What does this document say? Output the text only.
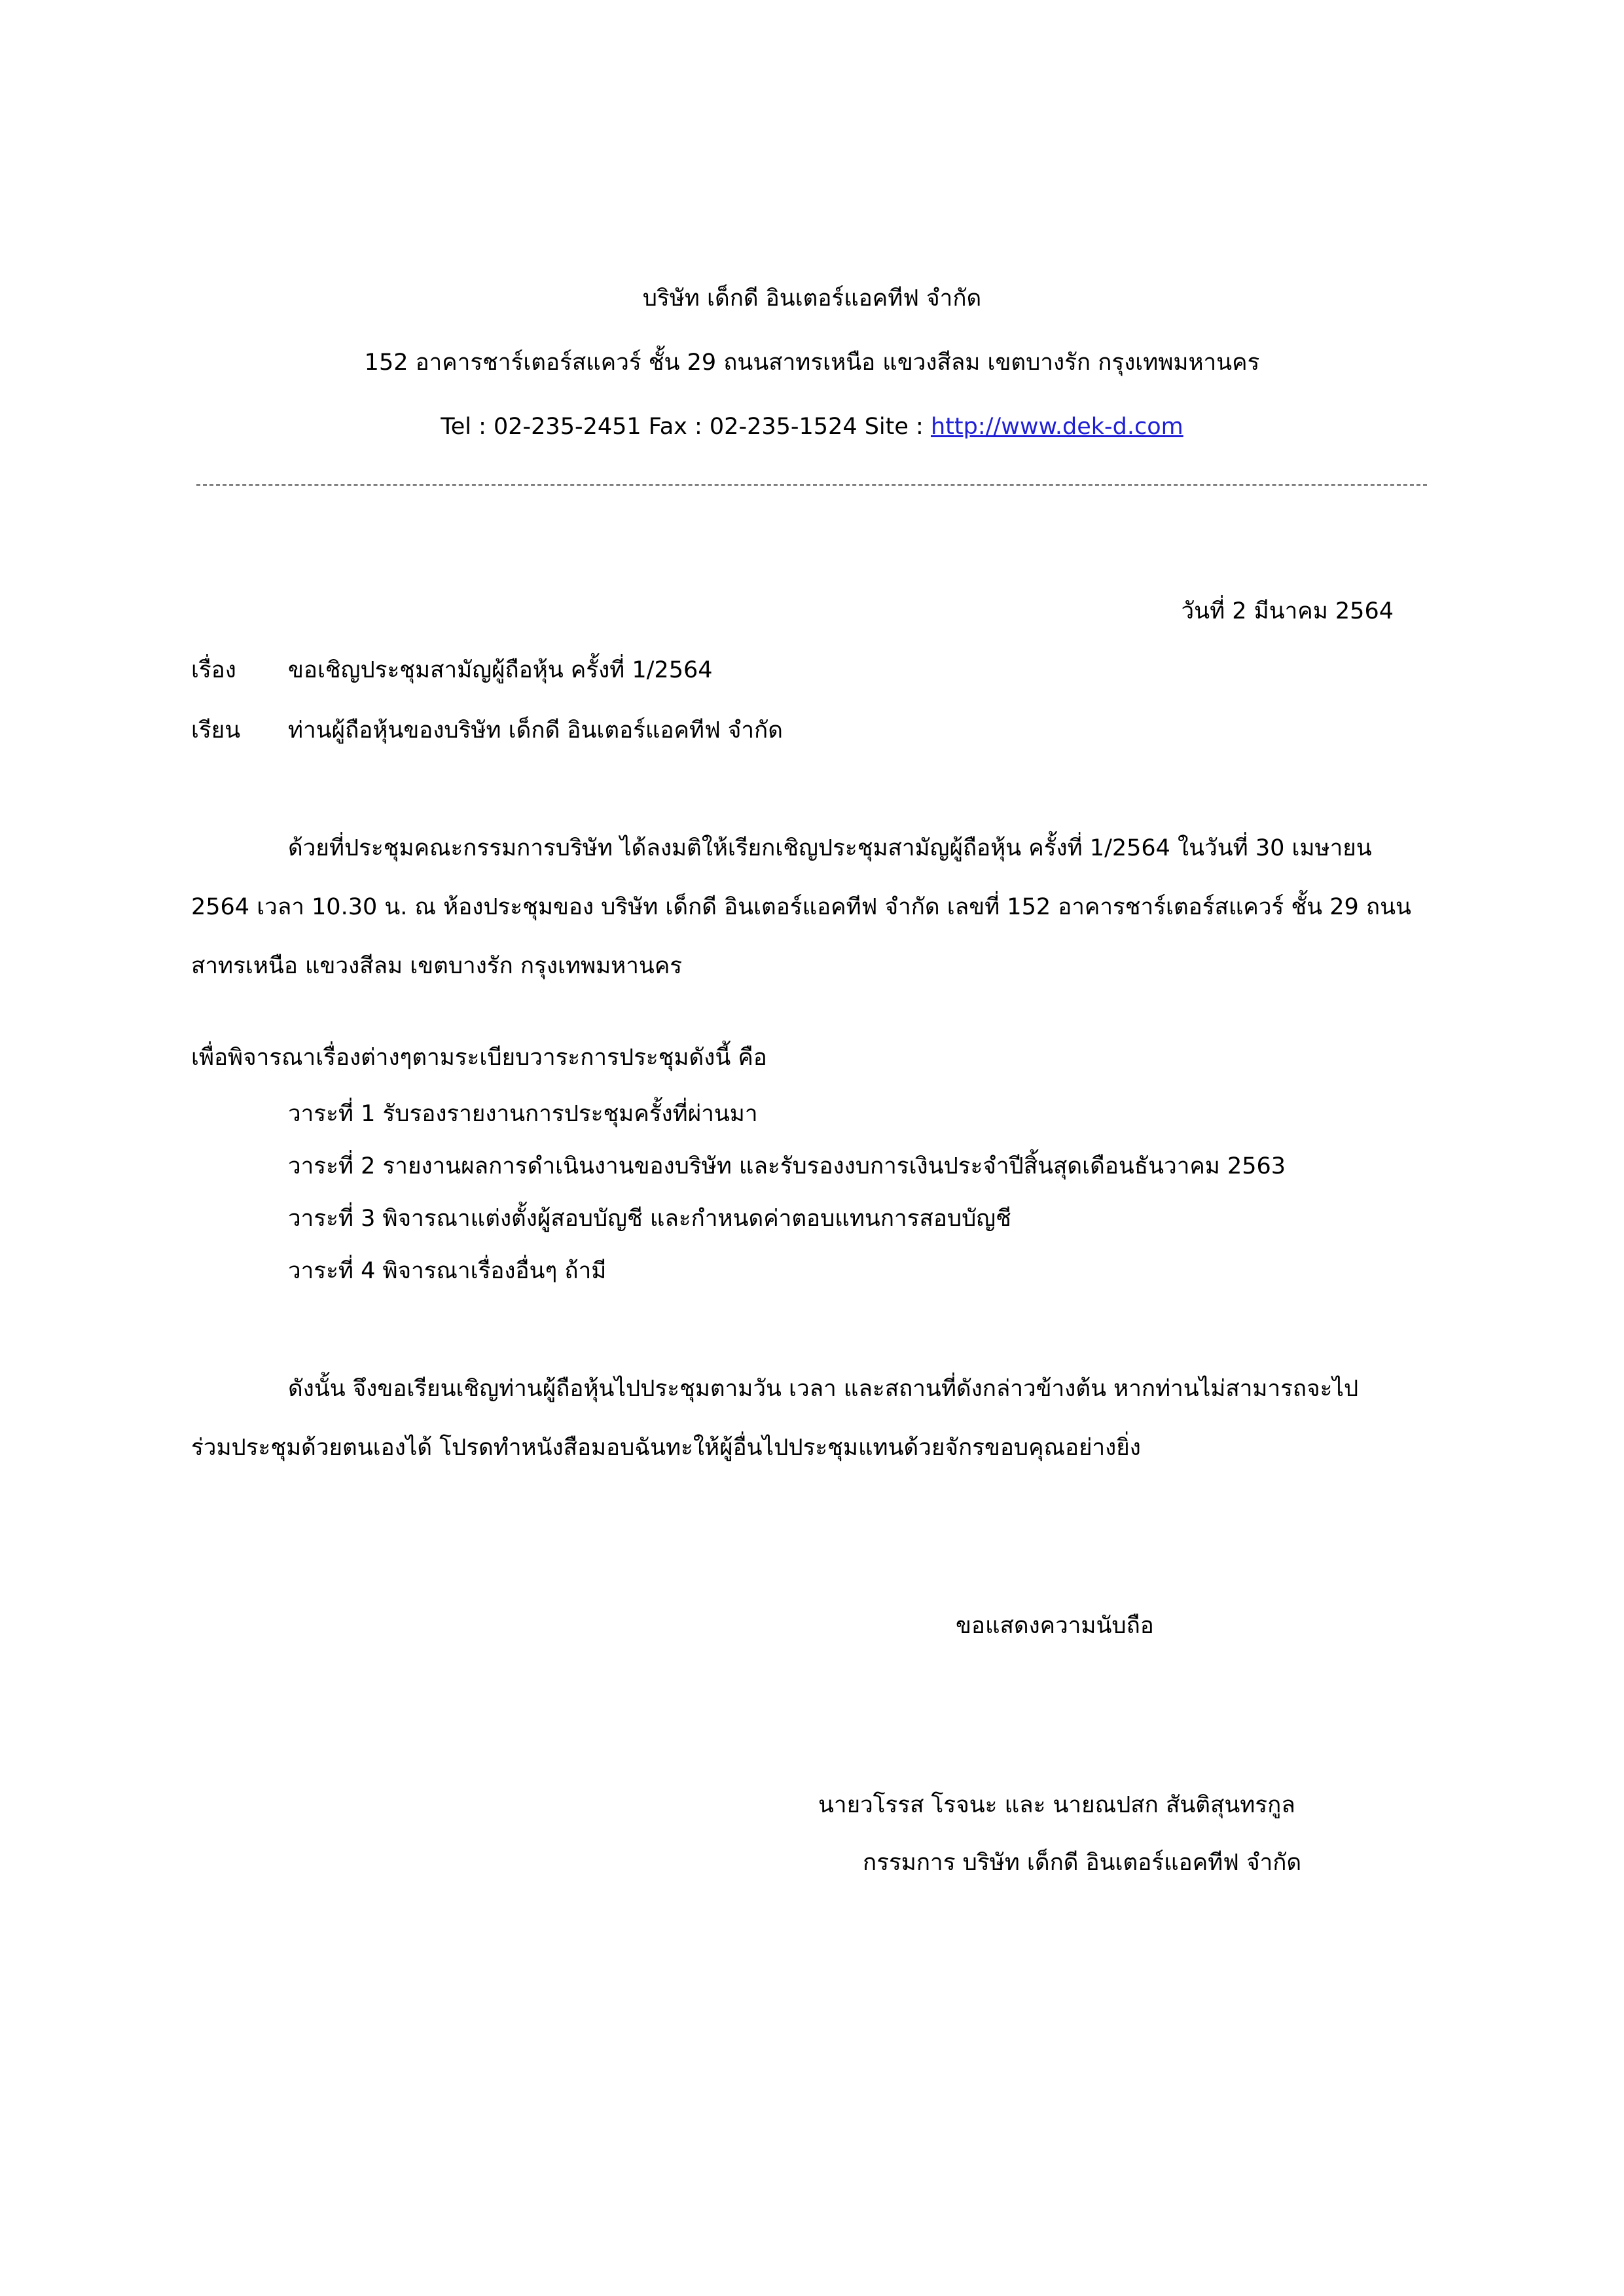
บริษัท เด็กดี อินเตอร์แอคทีฟ จำกัด
152 อาคารชาร์เตอร์สแควร์ ชั้น 29 ถนนสาทรเหนือ แขวงสีลม เขตบางรัก กรุงเทพมหานคร
Tel : 02-235-2451 Fax : 02-235-1524 Site : http://www.dek-d.com
วันที่ 2 มีนาคม 2564
เรื่อง ขอเชิญประชุมสามัญผู้ถือหุ้น ครั้งที่ 1/2564
เรียน ท่านผู้ถือหุ้นของบริษัท เด็กดี อินเตอร์แอคทีฟ จำกัด
ด้วยที่ประชุมคณะกรรมการบริษัท ได้ลงมติให้เรียกเชิญประชุมสามัญผู้ถือหุ้น ครั้งที่ 1/2564 ในวันที่ 30 เมษายน
2564 เวลา 10.30 น. ณ ห้องประชุมของ บริษัท เด็กดี อินเตอร์แอคทีฟ จำกัด เลขที่ 152 อาคารชาร์เตอร์สแควร์ ชั้น 29 ถนน
สาทรเหนือ แขวงสีลม เขตบางรัก กรุงเทพมหานคร
เพื่อพิจารณาเรื่องต่างๆตามระเบียบวาระการประชุมดังนี้ คือ
วาระที่ 1 รับรองรายงานการประชุมครั้งที่ผ่านมา
วาระที่ 2 รายงานผลการดำเนินงานของบริษัท และรับรองงบการเงินประจำปีสิ้นสุดเดือนธันวาคม 2563
วาระที่ 3 พิจารณาแต่งตั้งผู้สอบบัญชี และกำหนดค่าตอบแทนการสอบบัญชี
วาระที่ 4 พิจารณาเรื่องอื่นๆ ถ้ามี
ดังนั้น จึงขอเรียนเชิญท่านผู้ถือหุ้นไปประชุมตามวัน เวลา และสถานที่ดังกล่าวข้างต้น หากท่านไม่สามารถจะไป
ร่วมประชุมด้วยตนเองได้ โปรดทำหนังสือมอบฉันทะให้ผู้อื่นไปประชุมแทนด้วยจักรขอบคุณอย่างยิ่ง
ขอแสดงความนับถือ
นายวโรรส โรจนะ และ นายณปสก สันติสุนทรกูล
กรรมการ บริษัท เด็กดี อินเตอร์แอคทีฟ จำกัด
